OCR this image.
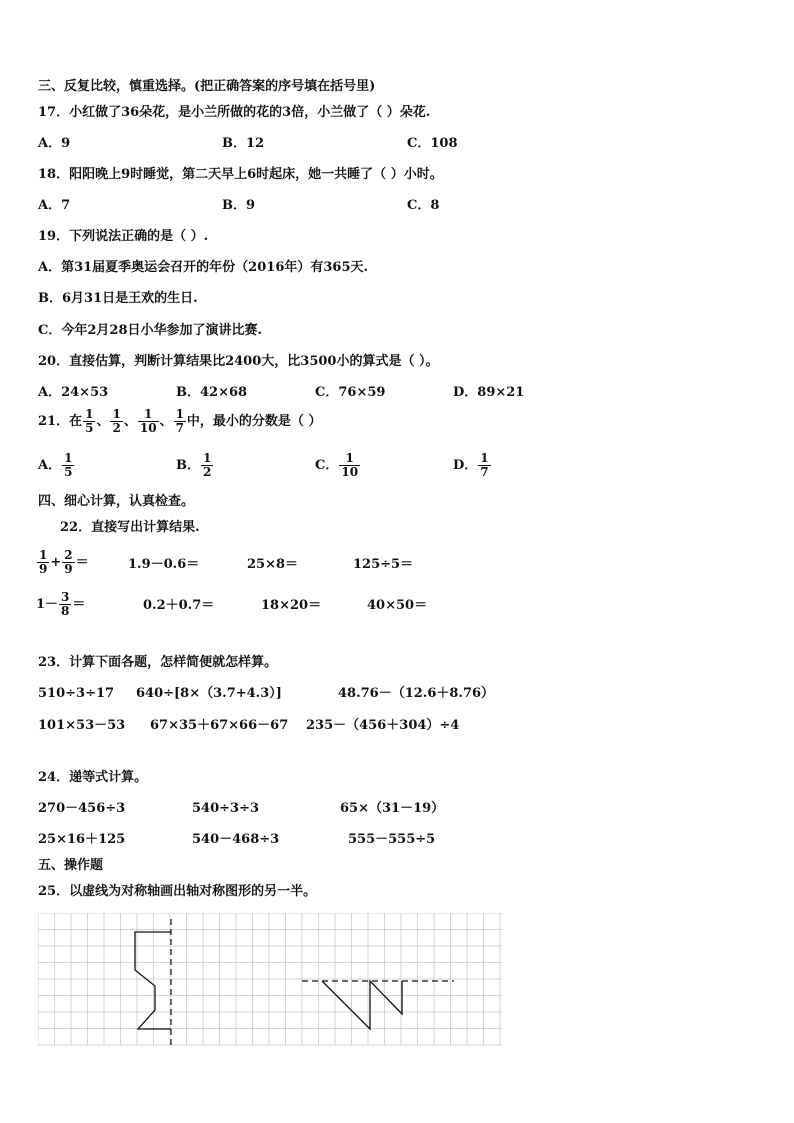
三、反复比较，慎重选择。(把正确答案的序号填在括号里)
17．小红做了36朵花，是小兰所做的花的3倍，小兰做了（ ）朵花.
A．9	B．12	C．108
18．阳阳晚上9时睡觉，第二天早上6时起床，她一共睡了（ ）小时。
A．7	B．9	C．8
19．下列说法正确的是（ ）.
A．第31届夏季奥运会召开的年份（2016年）有365天.
B．6月31日是王欢的生日.
C．今年2月28日小华参加了演讲比赛.
20．直接估算，判断计算结果比2400大，比3500小的算式是（ ）。
A．24×53	B．42×68	C．76×59	D．89×21
21．在 $\frac{1}{5}$ 、 $\frac{1}{2}$ 、 $\frac{1}{10}$ 、 $\frac{1}{7}$ 中，最小的分数是（ ）
A． $\frac{1}{5}$	B． $\frac{1}{2}$	C． $\frac{1}{10}$	D． $\frac{1}{7}$
四、细心计算，认真检查。
22．直接写出计算结果.
$\frac{1}{9} + \frac{2}{9}$ ＝	1.9－0.6＝	25×8＝	125÷5＝
$1- \frac{3}{8}$ ＝	0.2＋0.7＝	18×20＝	40×50＝
23．计算下面各题，怎样简便就怎样算。
510÷3÷17 640÷[8×（3.7+4.3）]	48.76－（12.6＋8.76）
101×53－53 67×35＋67×66－67 235－（456＋304）÷4
24．递等式计算。
270－456÷3	540÷3÷3	65×（31－19）
25×16＋125	540－468÷3	555－555÷5
五、操作题
25．以虚线为对称轴画出轴对称图形的另一半。
